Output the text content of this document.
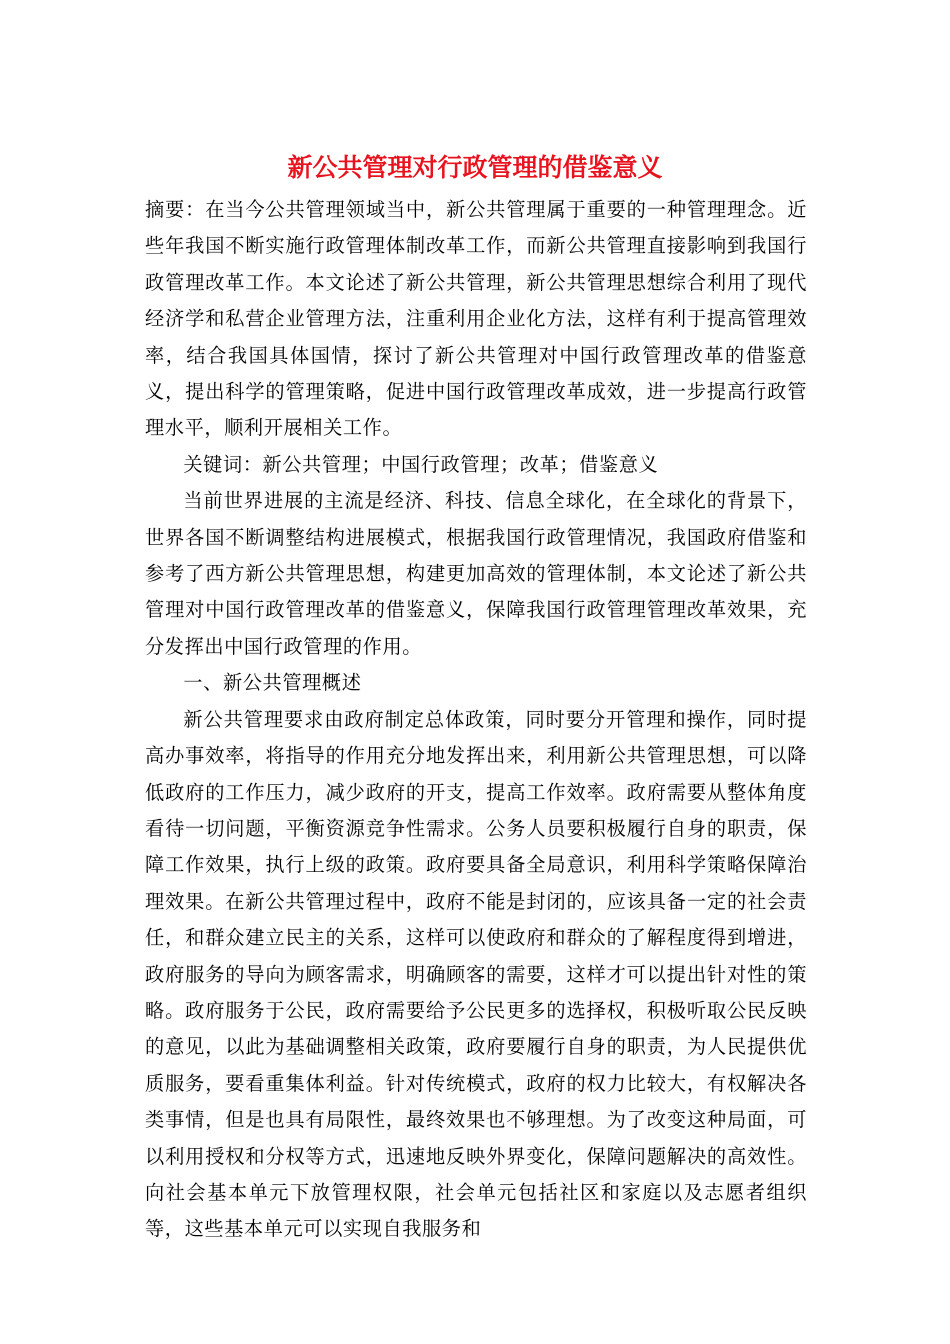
新公共管理对行政管理的借鉴意义

摘要：在当今公共管理领域当中，新公共管理属于重要的一种管理理念。近些年我国不断实施行政管理体制改革工作，而新公共管理直接影响到我国行政管理改革工作。本文论述了新公共管理，新公共管理思想综合利用了现代经济学和私营企业管理方法，注重利用企业化方法，这样有利于提高管理效率，结合我国具体国情，探讨了新公共管理对中国行政管理改革的借鉴意义，提出科学的管理策略，促进中国行政管理改革成效，进一步提高行政管理水平，顺利开展相关工作。

关键词：新公共管理；中国行政管理；改革；借鉴意义

当前世界进展的主流是经济、科技、信息全球化，在全球化的背景下，世界各国不断调整结构进展模式，根据我国行政管理情况，我国政府借鉴和参考了西方新公共管理思想，构建更加高效的管理体制，本文论述了新公共管理对中国行政管理改革的借鉴意义，保障我国行政管理管理改革效果，充分发挥出中国行政管理的作用。

一、新公共管理概述

新公共管理要求由政府制定总体政策，同时要分开管理和操作，同时提高办事效率，将指导的作用充分地发挥出来，利用新公共管理思想，可以降低政府的工作压力，减少政府的开支，提高工作效率。政府需要从整体角度看待一切问题，平衡资源竞争性需求。公务人员要积极履行自身的职责，保障工作效果，执行上级的政策。政府要具备全局意识，利用科学策略保障治理效果。在新公共管理过程中，政府不能是封闭的，应该具备一定的社会责任，和群众建立民主的关系，这样可以使政府和群众的了解程度得到增进，政府服务的导向为顾客需求，明确顾客的需要，这样才可以提出针对性的策略。政府服务于公民，政府需要给予公民更多的选择权，积极听取公民反映的意见，以此为基础调整相关政策，政府要履行自身的职责，为人民提供优质服务，要看重集体利益。针对传统模式，政府的权力比较大，有权解决各类事情，但是也具有局限性，最终效果也不够理想。为了改变这种局面，可以利用授权和分权等方式，迅速地反映外界变化，保障问题解决的高效性。向社会基本单元下放管理权限，社会单元包括社区和家庭以及志愿者组织等，这些基本单元可以实现自我服务和
